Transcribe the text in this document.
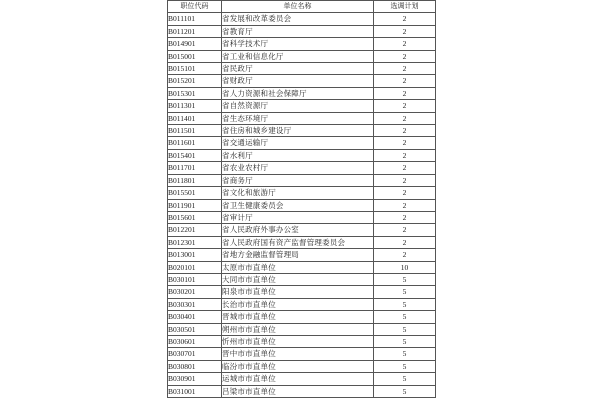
职位代码	单位名称	选调计划
B011101	省发展和改革委员会	2
B011201	省教育厅	2
B014901	省科学技术厅	2
B015001	省工业和信息化厅	2
B015101	省民政厅	2
B015201	省财政厅	2
B015301	省人力资源和社会保障厅	2
B011301	省自然资源厅	2
B011401	省生态环境厅	2
B011501	省住房和城乡建设厅	2
B011601	省交通运输厅	2
B015401	省水利厅	2
B011701	省农业农村厅	2
B011801	省商务厅	2
B015501	省文化和旅游厅	2
B011901	省卫生健康委员会	2
B015601	省审计厅	2
B012201	省人民政府外事办公室	2
B012301	省人民政府国有资产监督管理委员会	2
B013001	省地方金融监督管理局	2
B020101	太原市市直单位	10
B030101	大同市市直单位	5
B030201	阳泉市市直单位	5
B030301	长治市市直单位	5
B030401	晋城市市直单位	5
B030501	朔州市市直单位	5
B030601	忻州市市直单位	5
B030701	晋中市市直单位	5
B030801	临汾市市直单位	5
B030901	运城市市直单位	5
B031001	吕梁市市直单位	5
